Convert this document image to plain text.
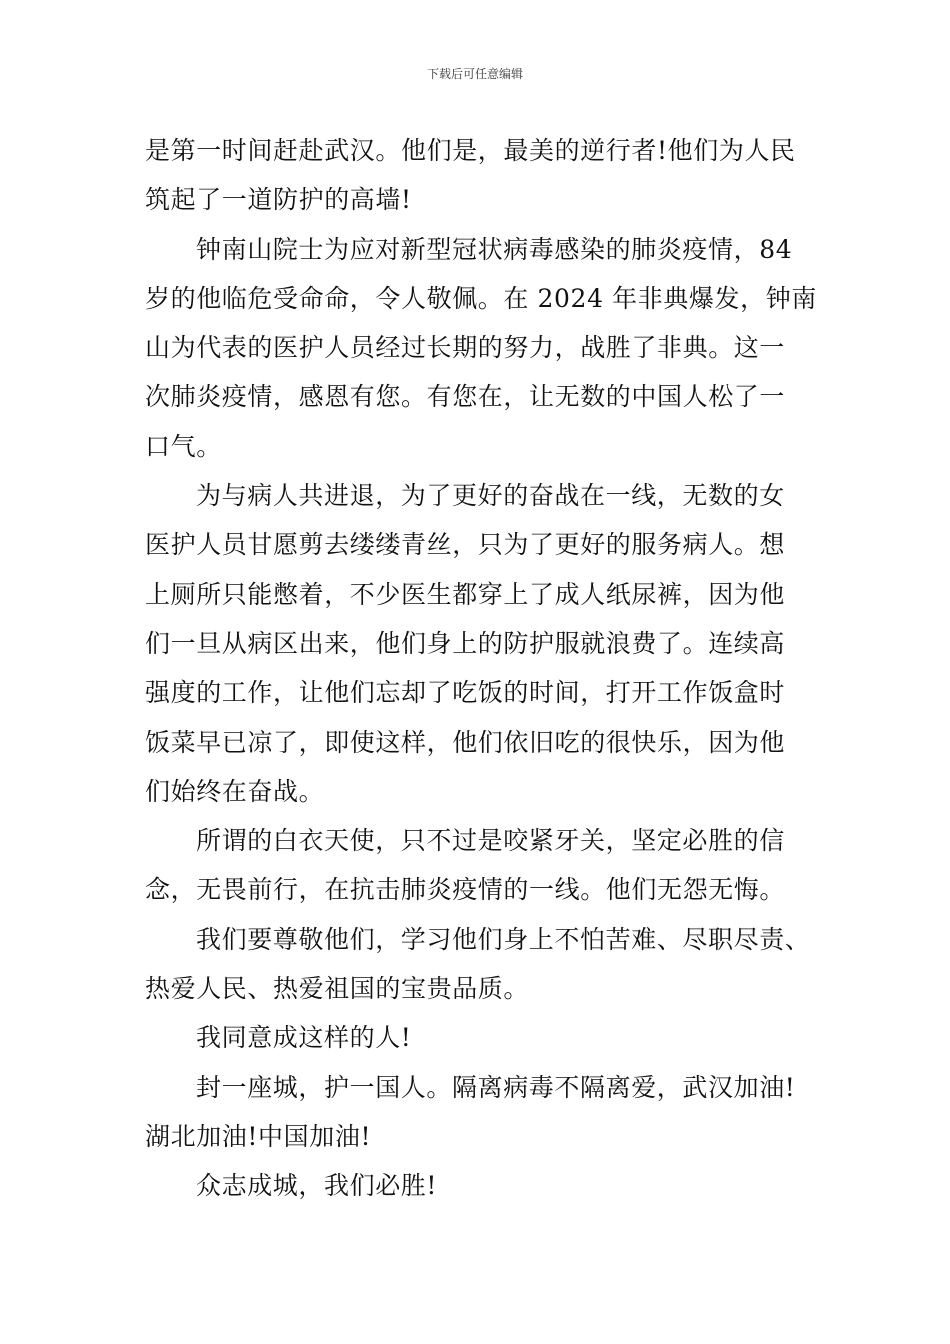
下载后可任意编辑
是第一时间赶赴武汉。他们是，最美的逆行者!他们为人民
筑起了一道防护的高墙!
钟南山院士为应对新型冠状病毒感染的肺炎疫情，84
岁的他临危受命命，令人敬佩。在 2024 年非典爆发，钟南
山为代表的医护人员经过长期的努力，战胜了非典。这一
次肺炎疫情，感恩有您。有您在，让无数的中国人松了一
口气。
为与病人共进退，为了更好的奋战在一线，无数的女
医护人员甘愿剪去缕缕青丝，只为了更好的服务病人。想
上厕所只能憋着，不少医生都穿上了成人纸尿裤，因为他
们一旦从病区出来，他们身上的防护服就浪费了。连续高
强度的工作，让他们忘却了吃饭的时间，打开工作饭盒时
饭菜早已凉了，即使这样，他们依旧吃的很快乐，因为他
们始终在奋战。
所谓的白衣天使，只不过是咬紧牙关，坚定必胜的信
念，无畏前行，在抗击肺炎疫情的一线。他们无怨无悔。
我们要尊敬他们，学习他们身上不怕苦难、尽职尽责、
热爱人民、热爱祖国的宝贵品质。
我同意成这样的人!
封一座城，护一国人。隔离病毒不隔离爱，武汉加油!
湖北加油!中国加油!
众志成城，我们必胜!
